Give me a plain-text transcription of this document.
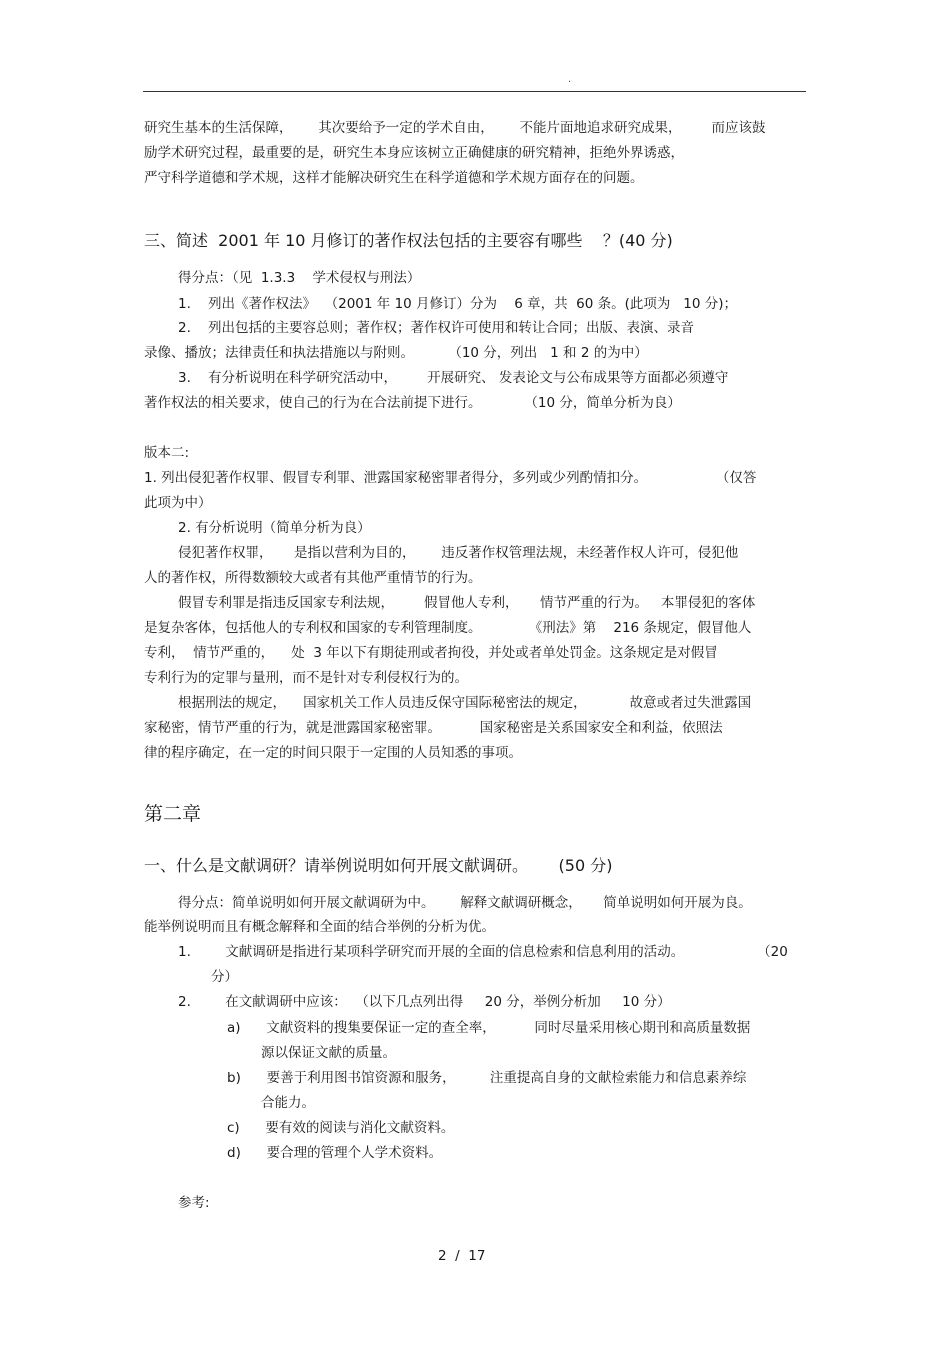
.
研究生基本的生活保障，      其次要给予一定的学术自由，      不能片面地追求研究成果，       而应该鼓
励学术研究过程，最重要的是，研究生本身应该树立正确健康的研究精神，拒绝外界诱惑，
严守科学道德和学术规，这样才能解决研究生在科学道德和学术规方面存在的问题。
三、简述  2001 年 10 月修订的著作权法包括的主要容有哪些    ？(40 分)
得分点：（见  1.3.3    学术侵权与刑法）
1.    列出《著作权法》  （2001 年 10 月修订）分为    6 章，共  60 条。(此项为   10 分)；
2.    列出包括的主要容总则；著作权；著作权许可使用和转让合同；出版、表演、录音
录像、播放；法律责任和执法措施以与附则。        （10 分，列出   1 和 2 的为中）
3.    有分析说明在科学研究活动中，       开展研究、 发表论文与公布成果等方面都必须遵守
著作权法的相关要求，使自己的行为在合法前提下进行。          （10 分，简单分析为良）
版本二:
1. 列出侵犯著作权罪、假冒专利罪、泄露国家秘密罪者得分，多列或少列酌情扣分。                （仅答
此项为中）
2. 有分析说明（简单分析为良）
侵犯著作权罪，     是指以营利为目的，      违反著作权管理法规，未经著作权人许可，侵犯他
人的著作权，所得数额较大或者有其他严重情节的行为。
假冒专利罪是指违反国家专利法规，       假冒他人专利，     情节严重的行为。   本罪侵犯的客体
是复杂客体，包括他人的专利权和国家的专利管理制度。           《刑法》第    216 条规定，假冒他人
专利，  情节严重的，    处  3 年以下有期徒刑或者拘役，并处或者单处罚金。这条规定是对假冒
专利行为的定罪与量刑，而不是针对专利侵权行为的。
根据刑法的规定，    国家机关工作人员违反保守国际秘密法的规定，          故意或者过失泄露国
家秘密，情节严重的行为，就是泄露国家秘密罪。         国家秘密是关系国家安全和利益，依照法
律的程序确定，在一定的时间只限于一定围的人员知悉的事项。
第二章
一、什么是文献调研？请举例说明如何开展文献调研。      (50 分)
得分点：简单说明如何开展文献调研为中。      解释文献调研概念，     简单说明如何开展为良。
能举例说明而且有概念解释和全面的结合举例的分析为优。
1.        文献调研是指进行某项科学研究而开展的全面的信息检索和信息利用的活动。                 （20
分）
2.        在文献调研中应该：  （以下几点列出得     20 分，举例分析加     10 分）
a)      文献资料的搜集要保证一定的查全率，         同时尽量采用核心期刊和高质量数据
源以保证文献的质量。
b)      要善于利用图书馆资源和服务，        注重提高自身的文献检索能力和信息素养综
合能力。
c)      要有效的阅读与消化文献资料。
d)      要合理的管理个人学术资料。
参考:
2  /  17
